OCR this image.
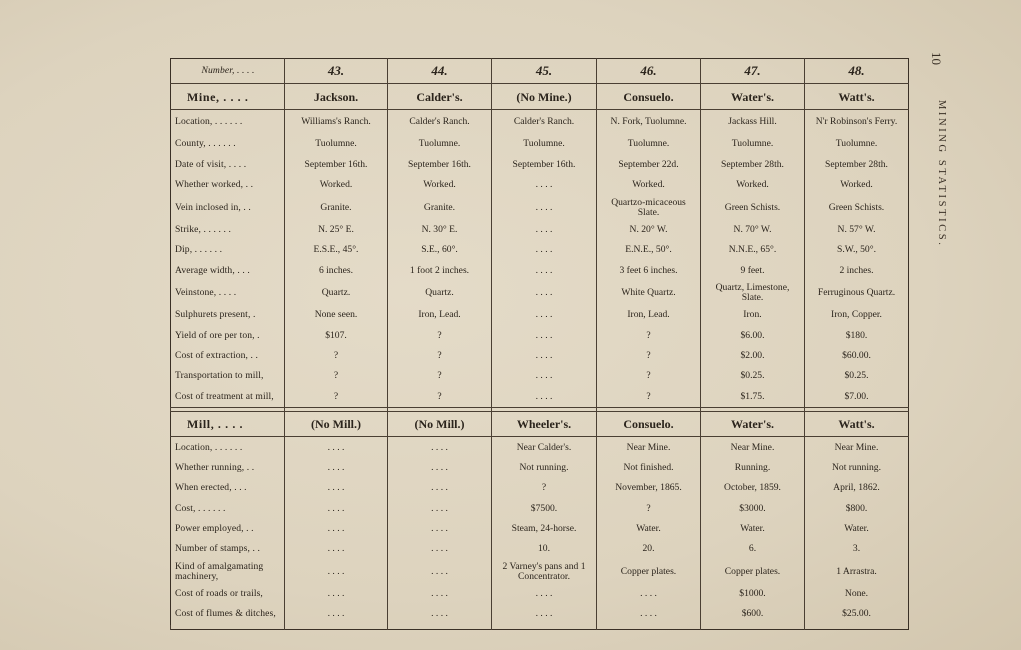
10
MINING STATISTICS.
Number, . . . .	43.	44.	45.	46.	47.	48.
Mine, . . . .	Jackson.	Calder's.	(No Mine.)	Consuelo.	Water's.	Watt's.
Location, . . . . . .	Williams's Ranch.	Calder's Ranch.	Calder's Ranch.	N. Fork, Tuolumne.	Jackass Hill.	N'r Robinson's Ferry.
County, . . . . . .	Tuolumne.	Tuolumne.	Tuolumne.	Tuolumne.	Tuolumne.	Tuolumne.
Date of visit, . . . .	September 16th.	September 16th.	September 16th.	September 22d.	September 28th.	September 28th.
Whether worked, . .	Worked.	Worked.	. . . .	Worked.	Worked.	Worked.
Vein inclosed in, . .	Granite.	Granite.	. . . .	Quartzo-micaceous Slate.	Green Schists.	Green Schists.
Strike, . . . . . .	N. 25° E.	N. 30° E.	. . . .	N. 20° W.	N. 70° W.	N. 57° W.
Dip, . . . . . .	E.S.E., 45°.	S.E., 60°.	. . . .	E.N.E., 50°.	N.N.E., 65°.	S.W., 50°.
Average width, . . .	6 inches.	1 foot 2 inches.	. . . .	3 feet 6 inches.	9 feet.	2 inches.
Veinstone, . . . .	Quartz.	Quartz.	. . . .	White Quartz.	Quartz, Limestone, Slate.	Ferruginous Quartz.
Sulphurets present, .	None seen.	Iron, Lead.	. . . .	Iron, Lead.	Iron.	Iron, Copper.
Yield of ore per ton, .	$107.	?	. . . .	?	$6.00.	$180.
Cost of extraction, . .	?	?	. . . .	?	$2.00.	$60.00.
Transportation to mill,	?	?	. . . .	?	$0.25.	$0.25.
Cost of treatment at mill,	?	?	. . . .	?	$1.75.	$7.00.

Mill, . . . .	(No Mill.)	(No Mill.)	Wheeler's.	Consuelo.	Water's.	Watt's.
Location, . . . . . .	. . . .	. . . .	Near Calder's.	Near Mine.	Near Mine.	Near Mine.
Whether running, . .	. . . .	. . . .	Not running.	Not finished.	Running.	Not running.
When erected, . . .	. . . .	. . . .	?	November, 1865.	October, 1859.	April, 1862.
Cost, . . . . . .	. . . .	. . . .	$7500.	?	$3000.	$800.
Power employed, . .	. . . .	. . . .	Steam, 24-horse.	Water.	Water.	Water.
Number of stamps, . .	. . . .	. . . .	10.	20.	6.	3.
Kind of amalgamating machinery,	. . . .	. . . .	2 Varney's pans and 1 Concentrator.	Copper plates.	Copper plates.	1 Arrastra.
Cost of roads or trails,	. . . .	. . . .	. . . .	. . . .	$1000.	None.
Cost of flumes & ditches,	. . . .	. . . .	. . . .	. . . .	$600.	$25.00.
